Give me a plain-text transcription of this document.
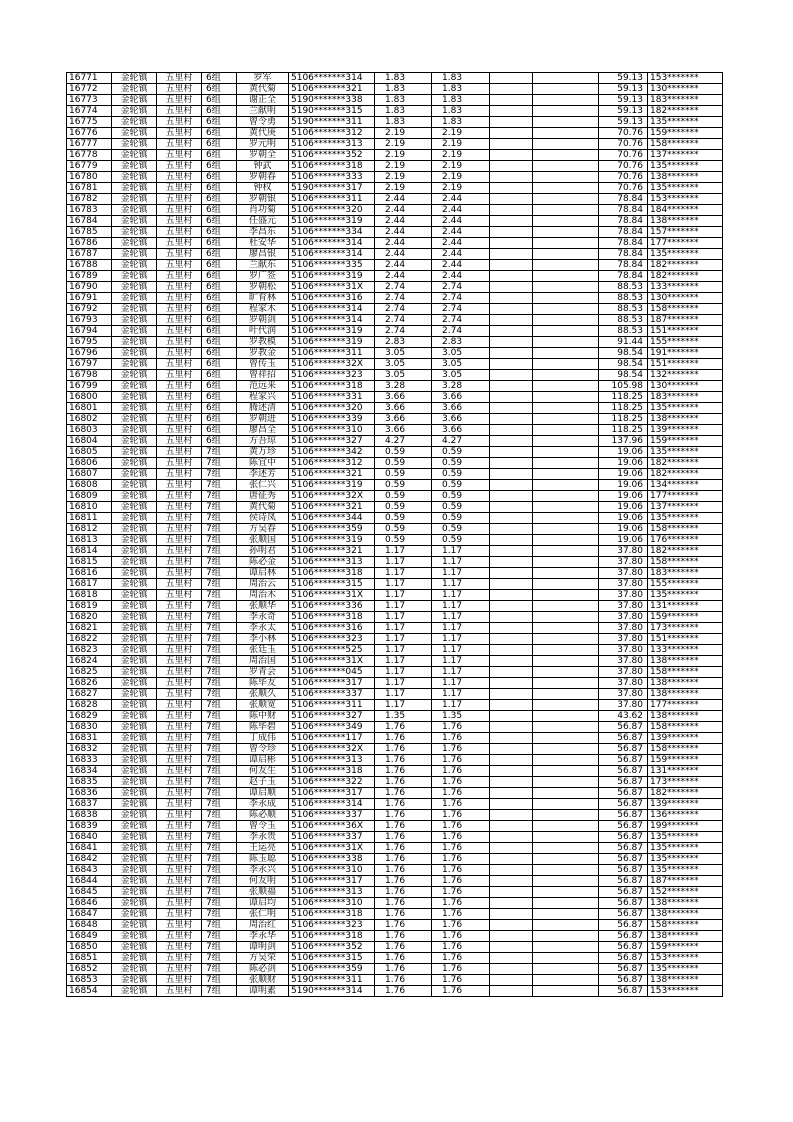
16771	金轮镇	五里村	6组	罗军	5106*******314	1.83	1.83			59.13	153*******
16772	金轮镇	五里村	6组	黄代菊	5106*******321	1.83	1.83			59.13	130*******
16773	金轮镇	五里村	6组	谢正全	5190*******338	1.83	1.83			59.13	183*******
16774	金轮镇	五里村	6组	兰献明	5190*******315	1.83	1.83			59.13	182*******
16775	金轮镇	五里村	6组	曾令勇	5190*******311	1.83	1.83			59.13	135*******
16776	金轮镇	五里村	6组	黄代庚	5106*******312	2.19	2.19			70.76	159*******
16777	金轮镇	五里村	6组	罗元明	5106*******313	2.19	2.19			70.76	158*******
16778	金轮镇	五里村	6组	罗朝全	5106*******352	2.19	2.19			70.76	137*******
16779	金轮镇	五里村	6组	钟武	5106*******318	2.19	2.19			70.76	135*******
16780	金轮镇	五里村	6组	罗朝春	5106*******333	2.19	2.19			70.76	138*******
16781	金轮镇	五里村	6组	钟权	5190*******317	2.19	2.19			70.76	135*******
16782	金轮镇	五里村	6组	罗朝银	5106*******311	2.44	2.44			78.84	153*******
16783	金轮镇	五里村	6组	肖功菊	5106*******320	2.44	2.44			78.84	184*******
16784	金轮镇	五里村	6组	任盛元	5106*******319	2.44	2.44			78.84	138*******
16785	金轮镇	五里村	6组	李昌东	5106*******334	2.44	2.44			78.84	157*******
16786	金轮镇	五里村	6组	杜安华	5106*******314	2.44	2.44			78.84	177*******
16787	金轮镇	五里村	6组	廖昌银	5106*******314	2.44	2.44			78.84	135*******
16788	金轮镇	五里村	6组	兰献东	5106*******335	2.44	2.44			78.84	182*******
16789	金轮镇	五里村	6组	罗广签	5106*******319	2.44	2.44			78.84	182*******
16790	金轮镇	五里村	6组	罗朝松	5106*******31X	2.74	2.74			88.53	133*******
16791	金轮镇	五里村	6组	旷育林	5106*******316	2.74	2.74			88.53	130*******
16792	金轮镇	五里村	6组	程家木	5106*******314	2.74	2.74			88.53	158*******
16793	金轮镇	五里村	6组	罗朝剑	5106*******314	2.74	2.74			88.53	187*******
16794	金轮镇	五里村	6组	叶代润	5106*******319	2.74	2.74			88.53	151*******
16795	金轮镇	五里村	6组	罗教模	5106*******319	2.83	2.83			91.44	155*******
16796	金轮镇	五里村	6组	罗教金	5106*******311	3.05	3.05			98.54	191*******
16797	金轮镇	五里村	6组	曾传玉	5106*******32X	3.05	3.05			98.54	151*******
16798	金轮镇	五里村	6组	曾祥招	5106*******323	3.05	3.05			98.54	132*******
16799	金轮镇	五里村	6组	范远来	5106*******318	3.28	3.28			105.98	130*******
16800	金轮镇	五里村	6组	程家兴	5106*******331	3.66	3.66			118.25	183*******
16801	金轮镇	五里村	6组	腾述清	5106*******320	3.66	3.66			118.25	135*******
16802	金轮镇	五里村	6组	罗朝进	5106*******339	3.66	3.66			118.25	138*******
16803	金轮镇	五里村	6组	廖昌全	5106*******310	3.66	3.66			118.25	139*******
16804	金轮镇	五里村	6组	方吾琼	5106*******327	4.27	4.27			137.96	159*******
16805	金轮镇	五里村	7组	黄万珍	5106*******342	0.59	0.59			19.06	135*******
16806	金轮镇	五里村	7组	陈宜中	5106*******312	0.59	0.59			19.06	182*******
16807	金轮镇	五里村	7组	李述芳	5106*******321	0.59	0.59			19.06	182*******
16808	金轮镇	五里村	7组	张仁兴	5106*******319	0.59	0.59			19.06	134*******
16809	金轮镇	五里村	7组	唐征秀	5106*******32X	0.59	0.59			19.06	177*******
16810	金轮镇	五里村	7组	黄代菊	5106*******321	0.59	0.59			19.06	137*******
16811	金轮镇	五里村	7组	侯诗凤	5106*******344	0.59	0.59			19.06	135*******
16812	金轮镇	五里村	7组	方吴春	5106*******359	0.59	0.59			19.06	158*******
16813	金轮镇	五里村	7组	张顺国	5106*******319	0.59	0.59			19.06	176*******
16814	金轮镇	五里村	7组	孙明君	5106*******321	1.17	1.17			37.80	182*******
16815	金轮镇	五里村	7组	陈必金	5106*******313	1.17	1.17			37.80	158*******
16816	金轮镇	五里村	7组	谭启林	5106*******318	1.17	1.17			37.80	183*******
16817	金轮镇	五里村	7组	周治云	5106*******315	1.17	1.17			37.80	155*******
16818	金轮镇	五里村	7组	周治木	5106*******31X	1.17	1.17			37.80	135*******
16819	金轮镇	五里村	7组	张顺华	5106*******336	1.17	1.17			37.80	131*******
16820	金轮镇	五里村	7组	李永奇	5106*******318	1.17	1.17			37.80	159*******
16821	金轮镇	五里村	7组	李永太	5106*******316	1.17	1.17			37.80	173*******
16822	金轮镇	五里村	7组	李小林	5106*******323	1.17	1.17			37.80	151*******
16823	金轮镇	五里村	7组	张廷玉	5106*******525	1.17	1.17			37.80	133*******
16824	金轮镇	五里村	7组	周治国	5106*******31X	1.17	1.17			37.80	138*******
16825	金轮镇	五里村	7组	罗青会	5106*******045	1.17	1.17			37.80	158*******
16826	金轮镇	五里村	7组	陈毕友	5106*******317	1.17	1.17			37.80	138*******
16827	金轮镇	五里村	7组	张顺久	5106*******337	1.17	1.17			37.80	138*******
16828	金轮镇	五里村	7组	张顺宽	5106*******311	1.17	1.17			37.80	177*******
16829	金轮镇	五里村	7组	陈中财	5106*******327	1.35	1.35			43.62	138*******
16830	金轮镇	五里村	7组	陈毕碧	5106*******349	1.76	1.76			56.87	158*******
16831	金轮镇	五里村	7组	丁成伟	5106*******117	1.76	1.76			56.87	139*******
16832	金轮镇	五里村	7组	曾令珍	5106*******32X	1.76	1.76			56.87	158*******
16833	金轮镇	五里村	7组	谭启彬	5106*******313	1.76	1.76			56.87	159*******
16834	金轮镇	五里村	7组	何友生	5106*******318	1.76	1.76			56.87	131*******
16835	金轮镇	五里村	7组	赵子玉	5106*******322	1.76	1.76			56.87	173*******
16836	金轮镇	五里村	7组	谭启顺	5106*******317	1.76	1.76			56.87	182*******
16837	金轮镇	五里村	7组	李永成	5106*******314	1.76	1.76			56.87	139*******
16838	金轮镇	五里村	7组	陈必顺	5106*******337	1.76	1.76			56.87	136*******
16839	金轮镇	五里村	7组	曾令玉	5106*******36X	1.76	1.76			56.87	199*******
16840	金轮镇	五里村	7组	李永贵	5106*******337	1.76	1.76			56.87	135*******
16841	金轮镇	五里村	7组	王运亮	5106*******31X	1.76	1.76			56.87	135*******
16842	金轮镇	五里村	7组	陈玉聪	5106*******338	1.76	1.76			56.87	135*******
16843	金轮镇	五里村	7组	李永兴	5106*******310	1.76	1.76			56.87	135*******
16844	金轮镇	五里村	7组	何友明	5106*******317	1.76	1.76			56.87	187*******
16845	金轮镇	五里村	7组	张顺福	5106*******313	1.76	1.76			56.87	152*******
16846	金轮镇	五里村	7组	谭启均	5106*******310	1.76	1.76			56.87	138*******
16847	金轮镇	五里村	7组	张仁明	5106*******318	1.76	1.76			56.87	138*******
16848	金轮镇	五里村	7组	周治红	5106*******323	1.76	1.76			56.87	158*******
16849	金轮镇	五里村	7组	李永华	5106*******318	1.76	1.76			56.87	138*******
16850	金轮镇	五里村	7组	谭明剑	5106*******352	1.76	1.76			56.87	159*******
16851	金轮镇	五里村	7组	方吴荣	5106*******315	1.76	1.76			56.87	153*******
16852	金轮镇	五里村	7组	陈必剑	5106*******359	1.76	1.76			56.87	135*******
16853	金轮镇	五里村	7组	张顺财	5190*******311	1.76	1.76			56.87	138*******
16854	金轮镇	五里村	7组	谭明素	5190*******314	1.76	1.76			56.87	153*******
